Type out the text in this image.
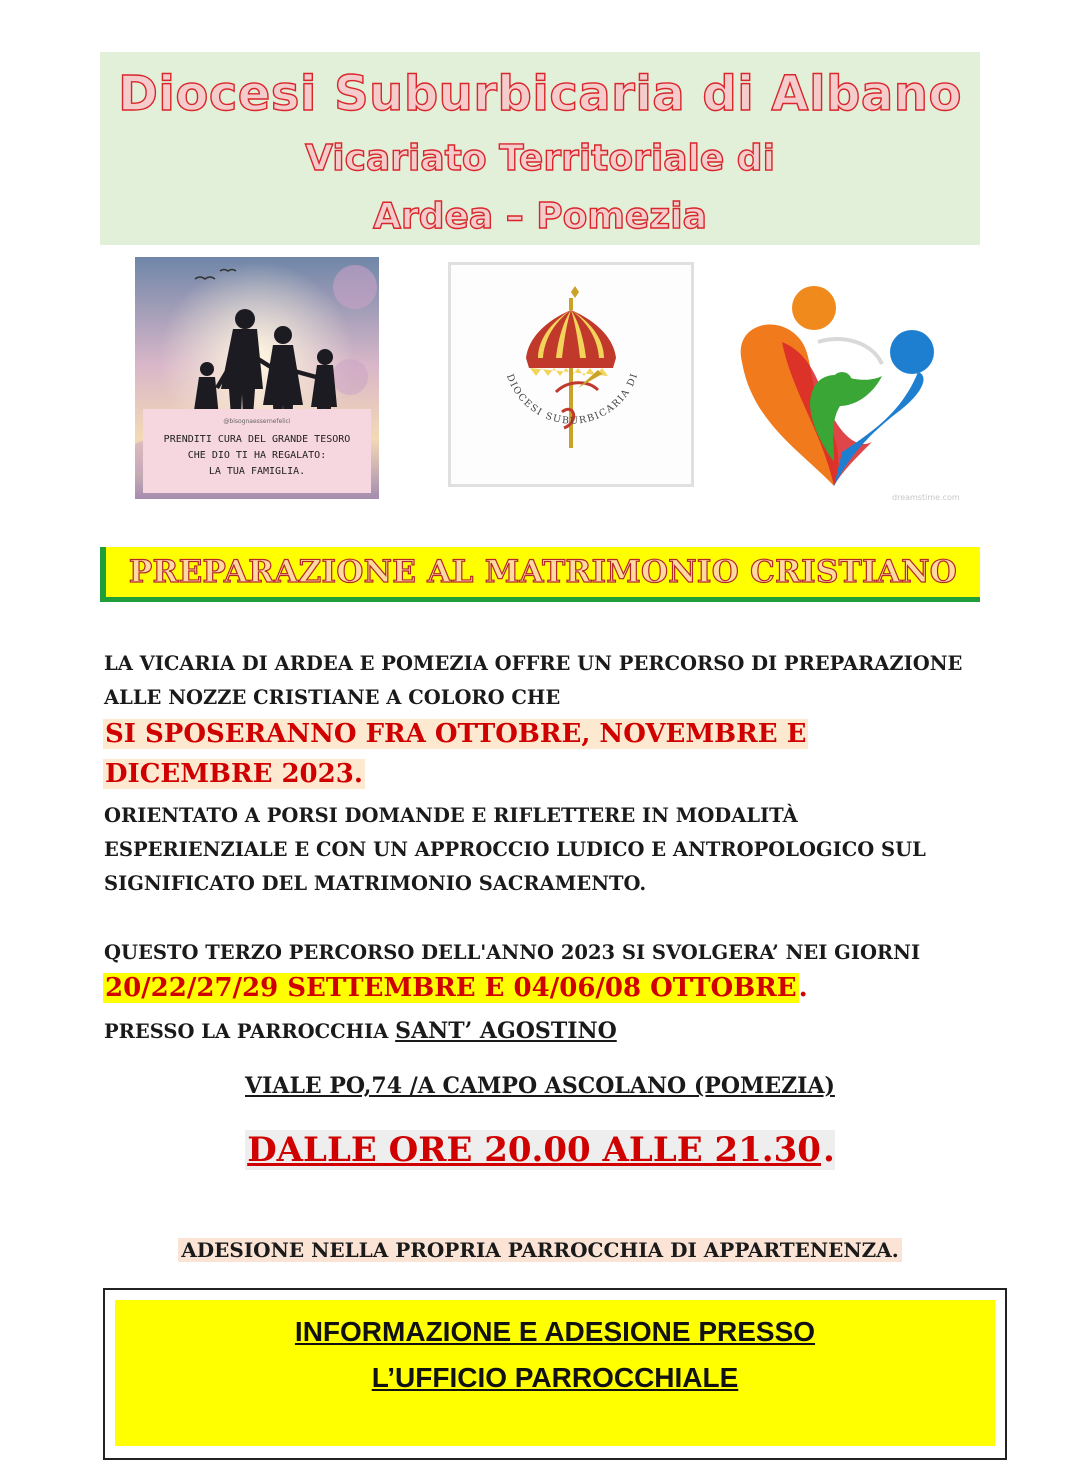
Diocesi Suburbicaria di Albano
Vicariato Territoriale di
Ardea – Pomezia
@bisognaessernefelici
PRENDITI CURA DEL GRANDE TESORO
CHE DIO TI HA REGALATO:
LA TUA FAMIGLIA.
DIOCESI SUBURBICARIA DI
dreamstime.com
PREPARAZIONE AL MATRIMONIO CRISTIANO
LA VICARIA DI ARDEA E POMEZIA OFFRE UN PERCORSO DI PREPARAZIONE
ALLE NOZZE CRISTIANE A COLORO CHE
SI SPOSERANNO FRA OTTOBRE, NOVEMBRE E
DICEMBRE 2023.
ORIENTATO A PORSI DOMANDE E RIFLETTERE IN MODALITÀ
ESPERIENZIALE E CON UN APPROCCIO LUDICO E ANTROPOLOGICO SUL
SIGNIFICATO DEL MATRIMONIO SACRAMENTO.
QUESTO TERZO PERCORSO DELL'ANNO 2023 SI SVOLGERA’ NEI GIORNI
20/22/27/29 SETTEMBRE E 04/06/08 OTTOBRE.
PRESSO LA PARROCCHIA SANT’ AGOSTINO
VIALE PO,74 /A CAMPO ASCOLANO (POMEZIA)
DALLE ORE 20.00 ALLE 21.30.
ADESIONE NELLA PROPRIA PARROCCHIA DI APPARTENENZA.
INFORMAZIONE E ADESIONE PRESSO
L’UFFICIO PARROCCHIALE
